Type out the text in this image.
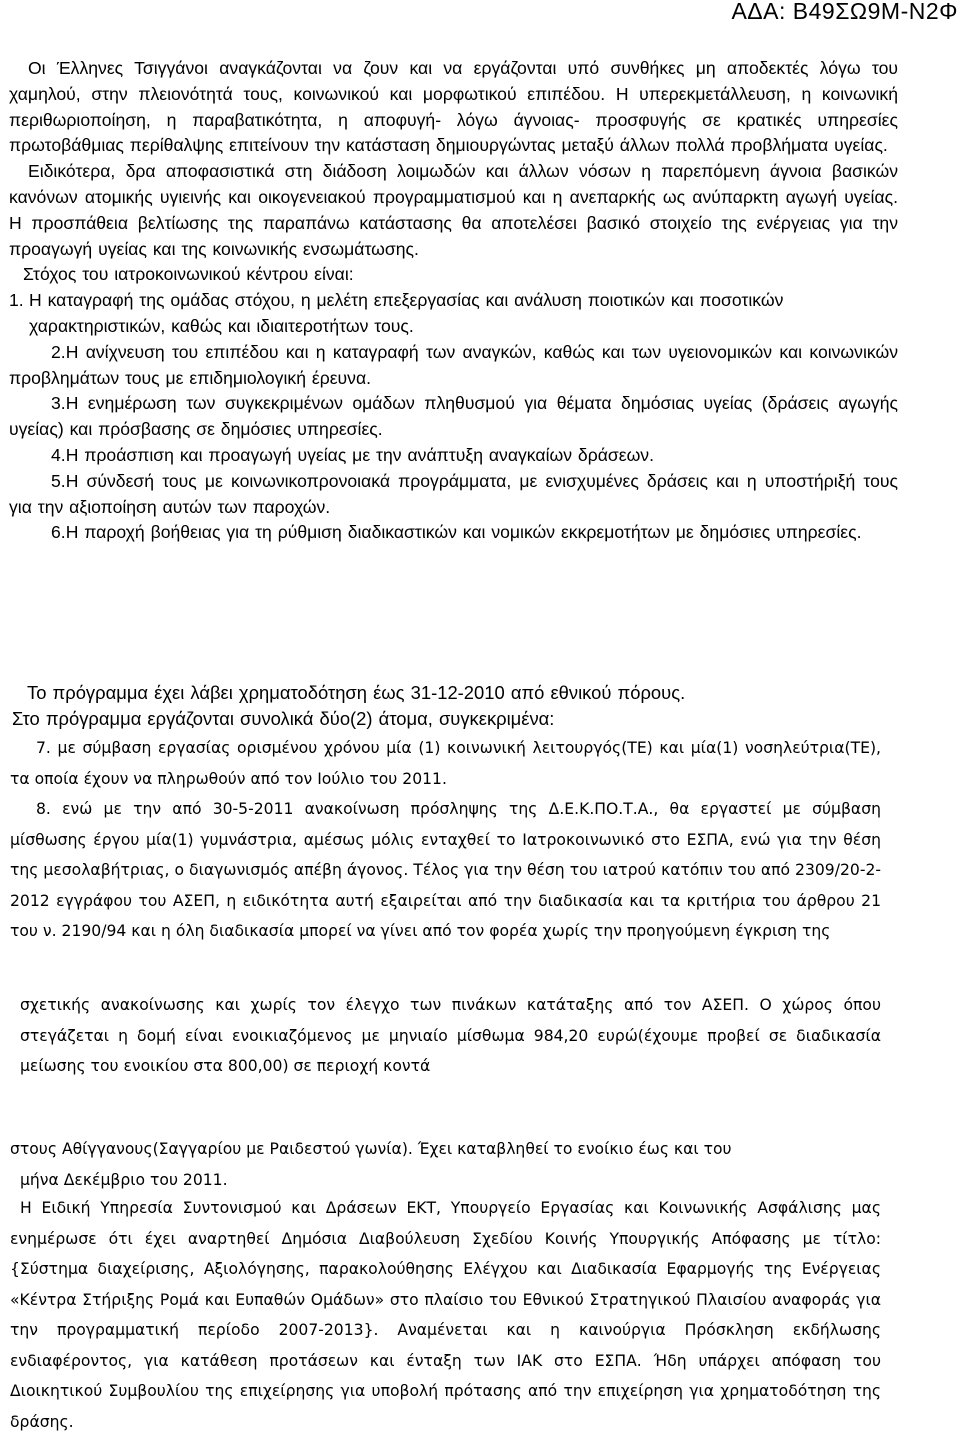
ΑΔΑ: Β49ΣΩ9Μ-Ν2Φ

Οι Έλληνες Τσιγγάνοι αναγκάζονται να ζουν και να εργάζονται υπό συνθήκες μη αποδεκτές λόγω του χαμηλού, στην πλειονότητά τους, κοινωνικού και μορφωτικού επιπέδου. Η υπερεκμετάλλευση, η κοινωνική περιθωριοποίηση, η παραβατικότητα, η αποφυγή- λόγω άγνοιας- προσφυγής σε κρατικές υπηρεσίες πρωτοβάθμιας περίθαλψης επιτείνουν την κατάσταση δημιουργώντας μεταξύ άλλων πολλά προβλήματα υγείας.

Ειδικότερα, δρα αποφασιστικά στη διάδοση λοιμωδών και άλλων νόσων η παρεπόμενη άγνοια βασικών κανόνων ατομικής υγιεινής και οικογενειακού προγραμματισμού και η ανεπαρκής ως ανύπαρκτη αγωγή υγείας. Η προσπάθεια βελτίωσης της παραπάνω κατάστασης θα αποτελέσει βασικό στοιχείο της ενέργειας για την προαγωγή υγείας και της κοινωνικής ενσωμάτωσης.

Στόχος του ιατροκοινωνικού κέντρου είναι:

1. Η καταγραφή της ομάδας στόχου, η μελέτη επεξεργασίας και ανάλυση ποιοτικών και ποσοτικών χαρακτηριστικών, καθώς και ιδιαιτεροτήτων τους.

2.Η ανίχνευση του επιπέδου και η καταγραφή των αναγκών, καθώς και των υγειονομικών και κοινωνικών προβλημάτων τους με επιδημιολογική έρευνα.

3.Η ενημέρωση των συγκεκριμένων ομάδων πληθυσμού για θέματα δημόσιας υγείας (δράσεις αγωγής υγείας) και πρόσβασης σε δημόσιες υπηρεσίες.

4.Η προάσπιση και προαγωγή υγείας με την ανάπτυξη αναγκαίων δράσεων.

5.Η σύνδεσή τους με κοινωνικοπρονοιακά προγράμματα, με ενισχυμένες δράσεις και η υποστήριξή τους για την αξιοποίηση αυτών των παροχών.

6.Η παροχή βοήθειας για τη ρύθμιση διαδικαστικών και νομικών εκκρεμοτήτων με δημόσιες υπηρεσίες.

Το πρόγραμμα έχει λάβει χρηματοδότηση έως 31-12-2010 από εθνικού πόρους.

Στο πρόγραμμα εργάζονται συνολικά δύο(2) άτομα, συγκεκριμένα:

7. με σύμβαση εργασίας ορισμένου χρόνου μία (1) κοινωνική λειτουργός(ΤΕ) και μία(1) νοσηλεύτρια(ΤΕ), τα οποία έχουν να πληρωθούν από τον Ιούλιο του 2011.

8. ενώ με την από 30-5-2011 ανακοίνωση πρόσληψης της Δ.Ε.Κ.ΠΟ.Τ.Α., θα εργαστεί με σύμβαση μίσθωσης έργου μία(1) γυμνάστρια, αμέσως μόλις ενταχθεί το Ιατροκοινωνικό στο ΕΣΠΑ, ενώ για την θέση της μεσολαβήτριας, ο διαγωνισμός απέβη άγονος. Τέλος για την θέση του ιατρού κατόπιν του από 2309/20-2-2012 εγγράφου του ΑΣΕΠ, η ειδικότητα αυτή εξαιρείται από την διαδικασία και τα κριτήρια του άρθρου 21 του ν. 2190/94 και η όλη διαδικασία μπορεί να γίνει από τον φορέα χωρίς την προηγούμενη έγκριση της

σχετικής ανακοίνωσης και χωρίς τον έλεγχο των πινάκων κατάταξης από τον ΑΣΕΠ. Ο χώρος όπου στεγάζεται η δομή είναι ενοικιαζόμενος με μηνιαίο μίσθωμα 984,20 ευρώ(έχουμε προβεί σε διαδικασία μείωσης του ενοικίου στα 800,00) σε περιοχή κοντά

στους Αθίγγανους(Σαγγαρίου με Ραιδεστού γωνία). Έχει καταβληθεί το ενοίκιο έως και του

μήνα Δεκέμβριο του 2011.

Η Ειδική Υπηρεσία Συντονισμού και Δράσεων ΕΚΤ, Υπουργείο Εργασίας και Κοινωνικής Ασφάλισης μας ενημέρωσε ότι έχει αναρτηθεί Δημόσια Διαβούλευση Σχεδίου Κοινής Υπουργικής Απόφασης με τίτλο: {Σύστημα διαχείρισης, Αξιολόγησης, παρακολούθησης Ελέγχου και Διαδικασία Εφαρμογής της Ενέργειας «Κέντρα Στήριξης Ρομά και Ευπαθών Ομάδων» στο πλαίσιο του Εθνικού Στρατηγικού Πλαισίου αναφοράς για την προγραμματική περίοδο 2007-2013}. Αναμένεται και η καινούργια Πρόσκληση εκδήλωσης ενδιαφέροντος, για κατάθεση προτάσεων και ένταξη των ΙΑΚ στο ΕΣΠΑ. Ήδη υπάρχει απόφαση του Διοικητικού Συμβουλίου της επιχείρησης για υποβολή πρότασης από την επιχείρηση για χρηματοδότηση της δράσης.
